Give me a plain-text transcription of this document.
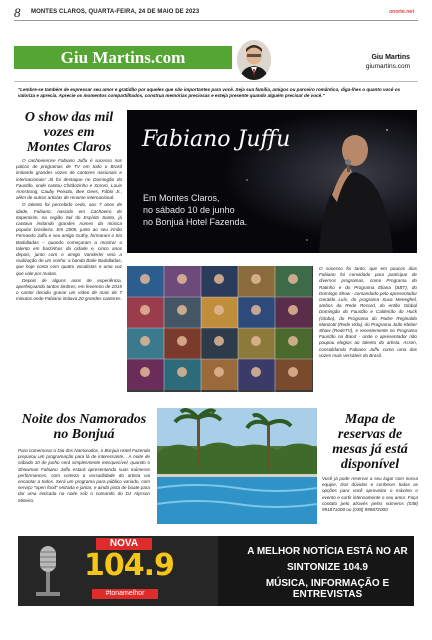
8 MONTES CLAROS, QUARTA-FEIRA, 24 DE MAIO DE 2023	onorte.net
Giu Martins.com	Giu Martins
giumartins.com
"Lembre-se também de expressar seu amor e gratidão por aqueles que são importantes para você. Seja sua família, amigos ou parceiro romântico, diga-lhes o quanto você os valoriza e aprecia. Aprecie os momentos compartilhados, construa memórias preciosas e esteja presente quando alguém precisar de você."
O show das mil
vozes em
Montes Claros

O cachoeirense Fabiano Juffu é sucesso nas palcos de programas de TV em todo o Brasil imitando grandes vozes de cantores nacionais e internacionais! Já foi destaque no Domingão do Faustão, onde cantou Chitãozinho e Xororó, Louis Armstrong, Cauby Peixoto, Bee Gees, Fábio Jr., além de outros artistas de renome internacional.

O talento foi percebido cedo, aos 7 anos de idade, Fabiano, nascido em Cachoeiro de Itapemirim, na região Sul do Espírito Santo, já cantava imitando grandes nomes da música popular brasileira. Em 2005, junto ao seu irmão Fernando Juffu e seu amigo Guthy, formaram o trio Badalladas – quando começaram a mostrar o talento em barzinhos da cidade e, cinco anos depois, junto com o amigo Vanderlei veio a realização de um sonho: a banda Baile Badalladas, que hoje conta com quatro vocalistas e uma voz que vale por muitas.

Depois de alguns anos de experiência, aperfeiçoando tantos timbres, em fevereiro de 2015 o cantor decidiu gravar um vídeo de mais de 7 minutos onde Fabiano imitava 20 grandes cantores.

Fabiano Juffu
Em Montes Claros,
no sábado 10 de junho
no Bonjuá Hotel Fazenda.
O sucesso foi tanto, que em poucos dias Fabiano foi convidado para participar de diversos programas, como Programa do Ratinho e do Programa Eliana (SBT), do Domingo Show - comandado pelo apresentador Geraldo Luís, do programa Xuxa Meneghel, ambos da Rede Record, do então Global Domingão do Faustão e Caldeirão do Huck (Globo), do Programa do Padre Reginaldo Manzotti (Rede Vida), do Programa João Kleber Show (RedeTV), e recentemente no Programa Faustão na Band - onde o apresentador não poupou elogios ao talento do artista. Assim, consolidando Fabiano Juffu como uma das vozes mais versáteis do Brasil.
Noite dos Namorados
no Bonjuá
Para comemorar o Dia dos Namorados, o Bonjuá Hotel Fazenda preparou um programação para lá de interessante... A noite de sábado 10 de junho será simplesmente inesquecível, quando o Showman Fabiano Juffu estará apresentando suas inúmeras performances, com certeza a versatilidade do artista vai encantar a todos. Será um programa para público variado, com serviço "open food" entrada e jantar, e ainda pista de boate para dar uma esticada na noite sob o comando do DJ Alysson Mineiro.
Mapa de
reservas de
mesas já está
disponível
Você já pode reservar a seu lugar com nossa equipe, tirar dúvidas e conhecer todas as opções para você aproveitar o máximo o evento e curtir intensamente o seu amor. Faça contato pelo através pelos números (038) 991871000 ou (038) 999872000
NOVA
104.9
#tonamelhor
A MELHOR NOTÍCIA ESTÁ NO AR
SINTONIZE 104.9
MÚSICA, INFORMAÇÃO E ENTREVISTAS
